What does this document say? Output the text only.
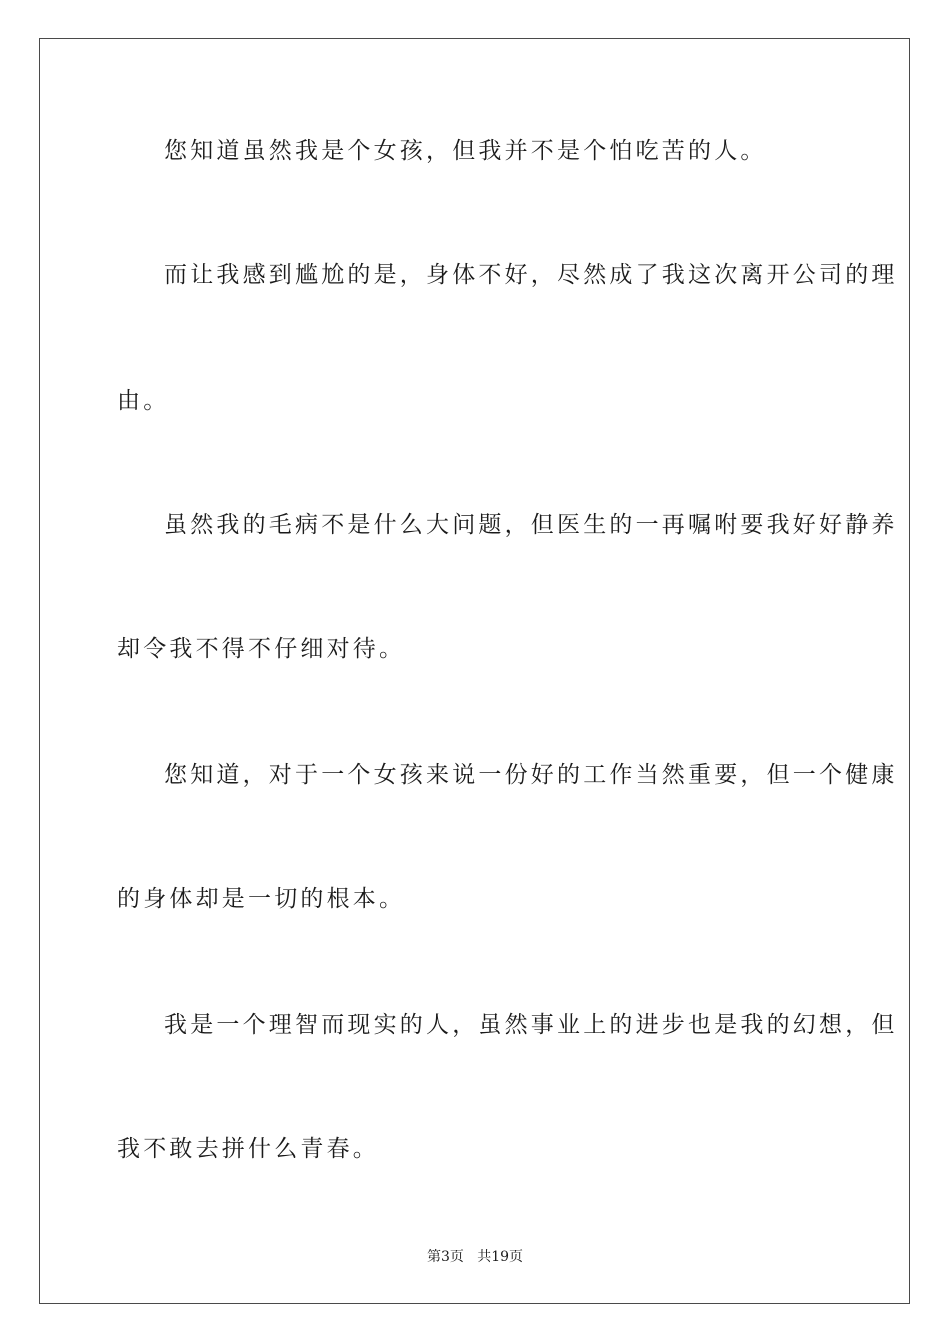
您知道虽然我是个女孩，但我并不是个怕吃苦的人。
而让我感到尴尬的是，身体不好，尽然成了我这次离开公司的理
由。
虽然我的毛病不是什么大问题，但医生的一再嘱咐要我好好静养
却令我不得不仔细对待。
您知道，对于一个女孩来说一份好的工作当然重要，但一个健康
的身体却是一切的根本。
我是一个理智而现实的人，虽然事业上的进步也是我的幻想，但
我不敢去拼什么青春。
第3页   共19页
